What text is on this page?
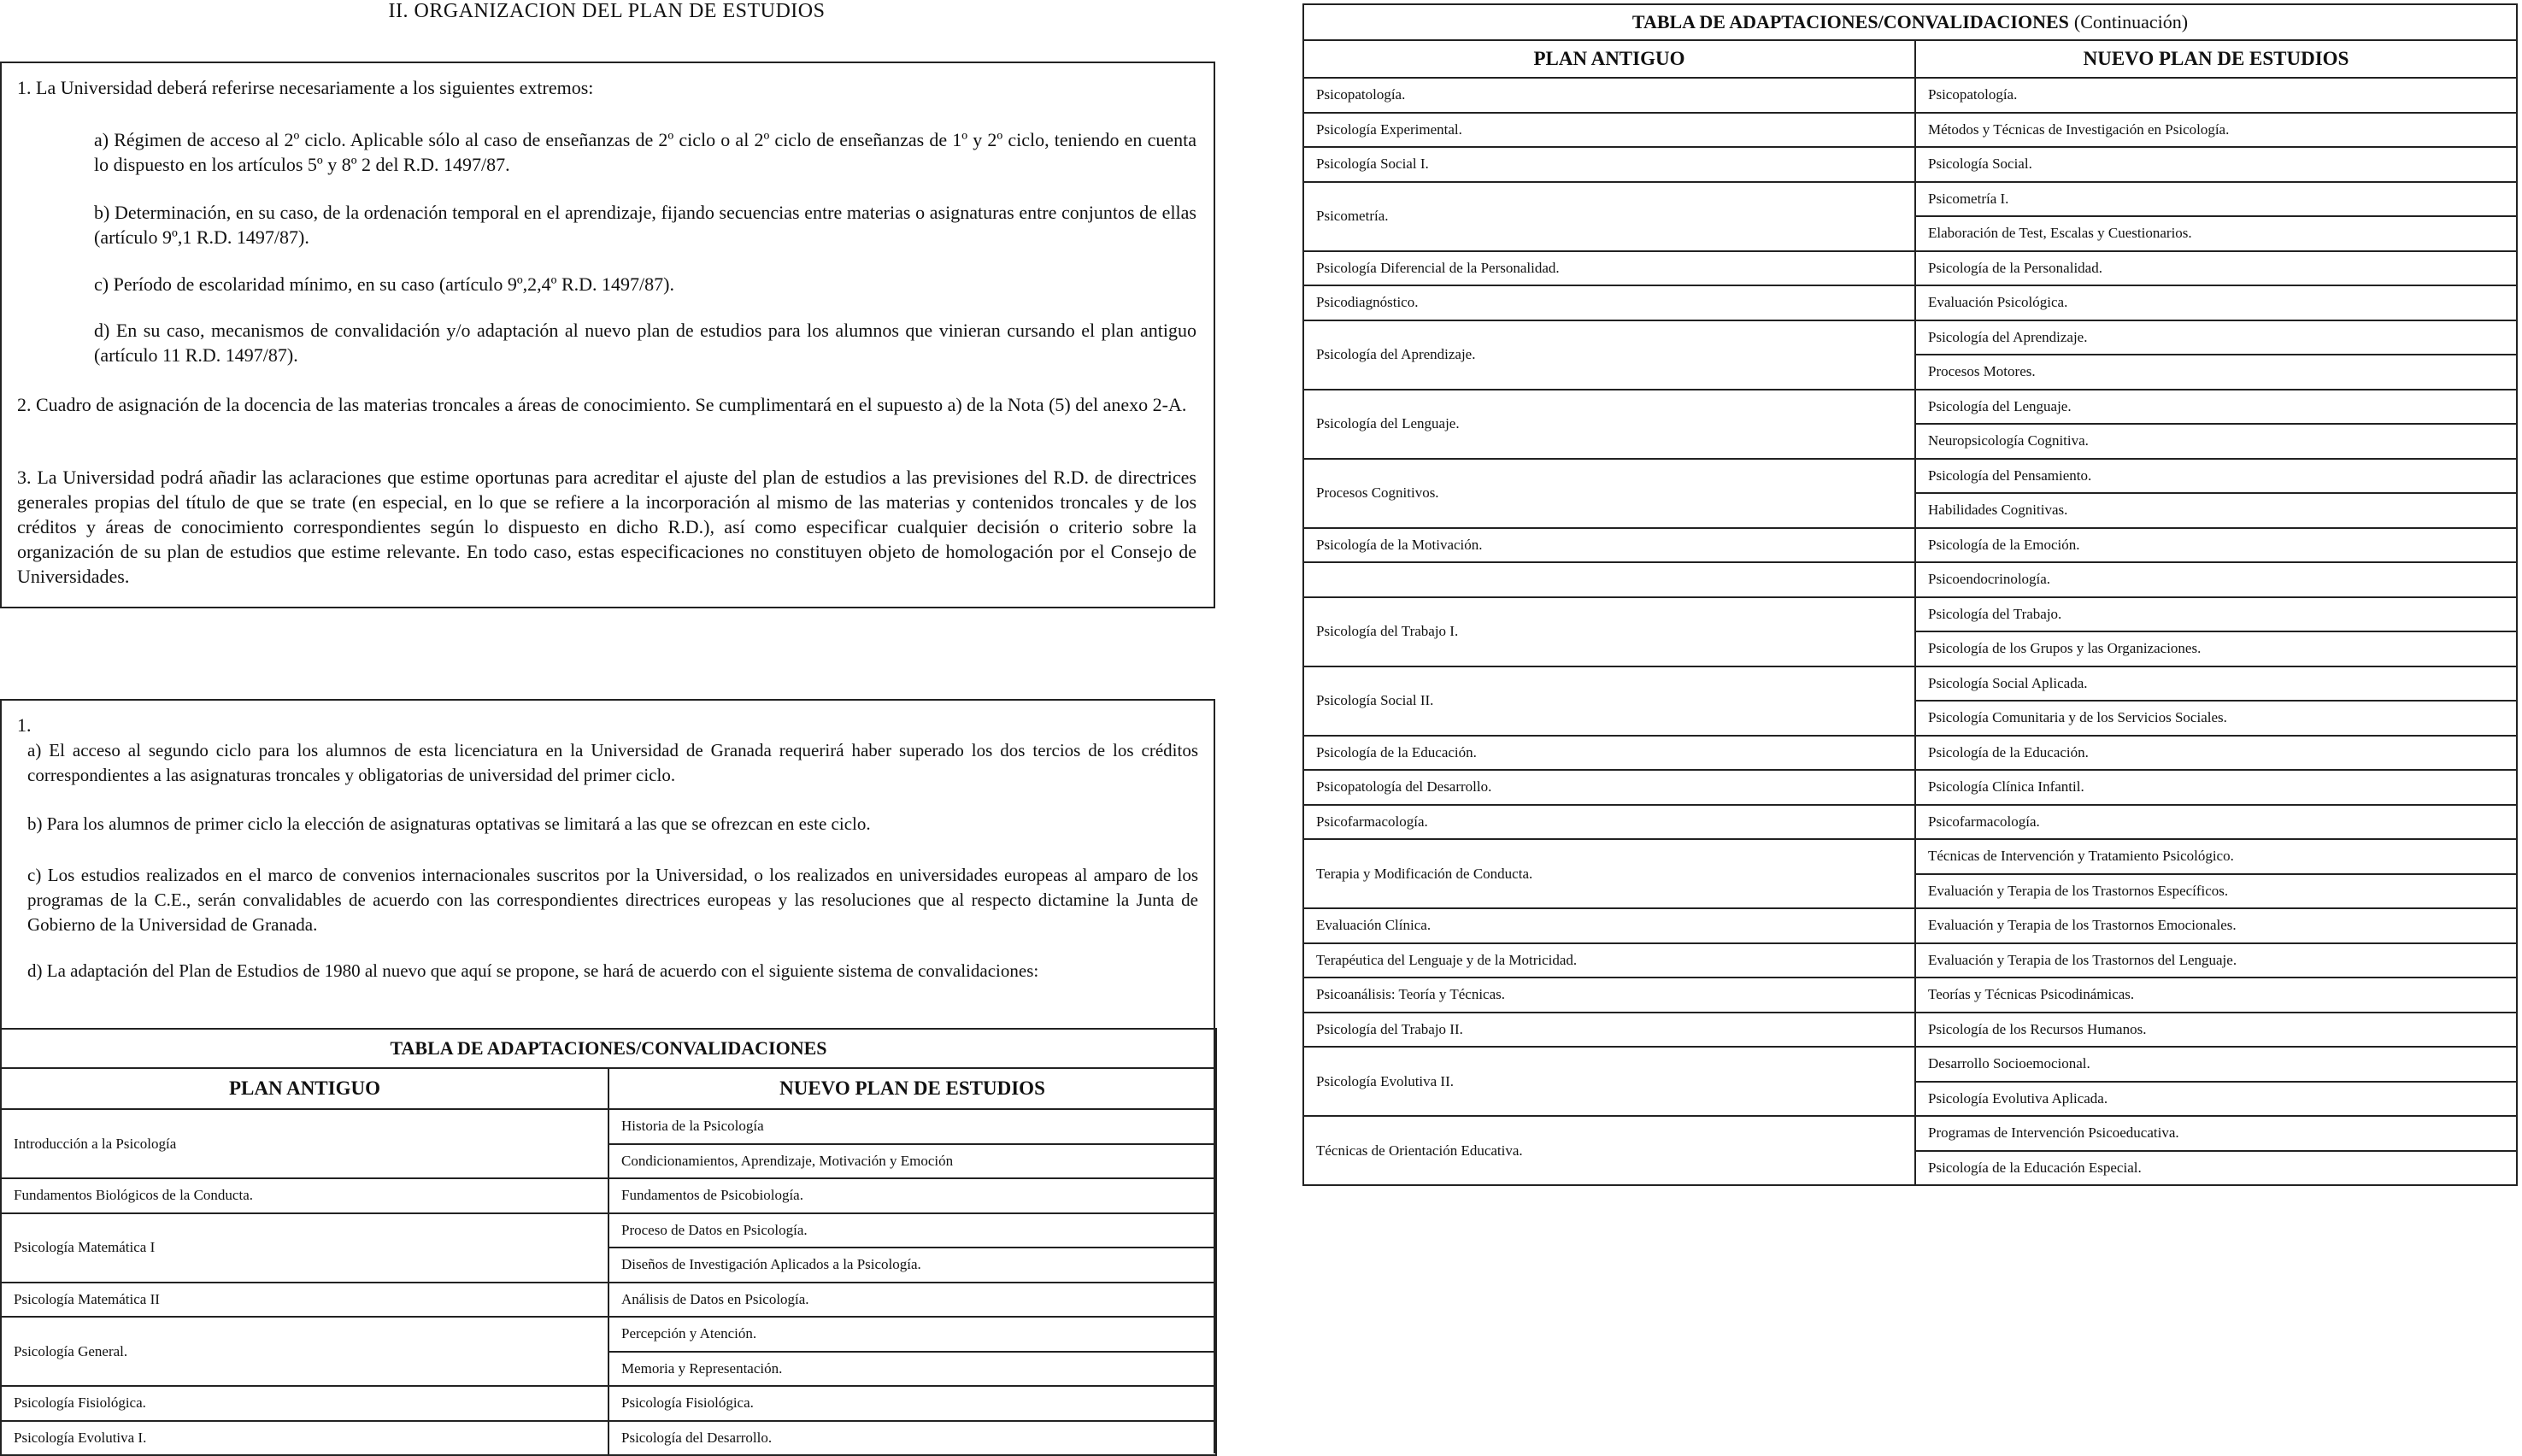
II. ORGANIZACION DEL PLAN DE ESTUDIOS
1. La Universidad deberá referirse necesariamente a los siguientes extremos:
a) Régimen de acceso al 2º ciclo. Aplicable sólo al caso de enseñanzas de 2º ciclo o al 2º ciclo de enseñanzas de 1º y 2º ciclo, teniendo en cuenta lo dispuesto en los artículos 5º y 8º 2 del R.D. 1497/87.
b) Determinación, en su caso, de la ordenación temporal en el aprendizaje, fijando secuencias entre materias o asignaturas entre conjuntos de ellas (artículo 9º,1 R.D. 1497/87).
c) Período de escolaridad mínimo, en su caso (artículo 9º,2,4º R.D. 1497/87).
d) En su caso, mecanismos de convalidación y/o adaptación al nuevo plan de estudios para los alumnos que vinieran cursando el plan antiguo (artículo 11 R.D. 1497/87).
2. Cuadro de asignación de la docencia de las materias troncales a áreas de conocimiento. Se cumplimentará en el supuesto a) de la Nota (5) del anexo 2-A.
3. La Universidad podrá añadir las aclaraciones que estime oportunas para acreditar el ajuste del plan de estudios a las previsiones del R.D. de directrices generales propias del título de que se trate (en especial, en lo que se refiere a la incorporación al mismo de las materias y contenidos troncales y de los créditos y áreas de conocimiento correspondientes según lo dispuesto en dicho R.D.), así como especificar cualquier decisión o criterio sobre la organización de su plan de estudios que estime relevante. En todo caso, estas especificaciones no constituyen objeto de homologación por el Consejo de Universidades.
1.
a) El acceso al segundo ciclo para los alumnos de esta licenciatura en la Universidad de Granada requerirá haber superado los dos tercios de los créditos correspondientes a las asignaturas troncales y obligatorias de universidad del primer ciclo.
b) Para los alumnos de primer ciclo la elección de asignaturas optativas se limitará a las que se ofrezcan en este ciclo.
c) Los estudios realizados en el marco de convenios internacionales suscritos por la Universidad, o los realizados en universidades europeas al amparo de los programas de la C.E., serán convalidables de acuerdo con las correspondientes directrices europeas y las resoluciones que al respecto dictamine la Junta de Gobierno de la Universidad de Granada.
d) La adaptación del Plan de Estudios de 1980 al nuevo que aquí se propone, se hará de acuerdo con el siguiente sistema de convalidaciones:
TABLA DE ADAPTACIONES/CONVALIDACIONES	
PLAN ANTIGUO	NUEVO PLAN DE ESTUDIOS
Introducción a la Psicología	Historia de la Psicología
	Condicionamientos, Aprendizaje, Motivación y Emoción
Fundamentos Biológicos de la Conducta.	Fundamentos de Psicobiología.
Psicología Matemática I	Proceso de Datos en Psicología.
	Diseños de Investigación Aplicados a la Psicología.
Psicología Matemática II	Análisis de Datos en Psicología.
Psicología General.	Percepción y Atención.
	Memoria y Representación.
Psicología Fisiológica.	Psicología Fisiológica.
Psicología Evolutiva I.	Psicología del Desarrollo.
TABLA DE ADAPTACIONES/CONVALIDACIONES (Continuación)	
PLAN ANTIGUO	NUEVO PLAN DE ESTUDIOS
Psicopatología.	Psicopatología.
Psicología Experimental.	Métodos y Técnicas de Investigación en Psicología.
Psicología Social I.	Psicología Social.
Psicometría.	Psicometría I.
	Elaboración de Test, Escalas y Cuestionarios.
Psicología Diferencial de la Personalidad.	Psicología de la Personalidad.
Psicodiagnóstico.	Evaluación Psicológica.
Psicología del Aprendizaje.	Psicología del Aprendizaje.
	Procesos Motores.
Psicología del Lenguaje.	Psicología del Lenguaje.
	Neuropsicología Cognitiva.
Procesos Cognitivos.	Psicología del Pensamiento.
	Habilidades Cognitivas.
Psicología de la Motivación.	Psicología de la Emoción.
	Psicoendocrinología.
Psicología del Trabajo I.	Psicología del Trabajo.
	Psicología de los Grupos y las Organizaciones.
Psicología Social II.	Psicología Social Aplicada.
	Psicología Comunitaria y de los Servicios Sociales.
Psicología de la Educación.	Psicología de la Educación.
Psicopatología del Desarrollo.	Psicología Clínica Infantil.
Psicofarmacología.	Psicofarmacología.
Terapia y Modificación de Conducta.	Técnicas de Intervención y Tratamiento Psicológico.
	Evaluación y Terapia de los Trastornos Específicos.
Evaluación Clínica.	Evaluación y Terapia de los Trastornos Emocionales.
Terapéutica del Lenguaje y de la Motricidad.	Evaluación y Terapia de los Trastornos del Lenguaje.
Psicoanálisis: Teoría y Técnicas.	Teorías y Técnicas Psicodinámicas.
Psicología del Trabajo II.	Psicología de los Recursos Humanos.
Psicología Evolutiva II.	Desarrollo Socioemocional.
	Psicología Evolutiva Aplicada.
Técnicas de Orientación Educativa.	Programas de Intervención Psicoeducativa.
	Psicología de la Educación Especial.
